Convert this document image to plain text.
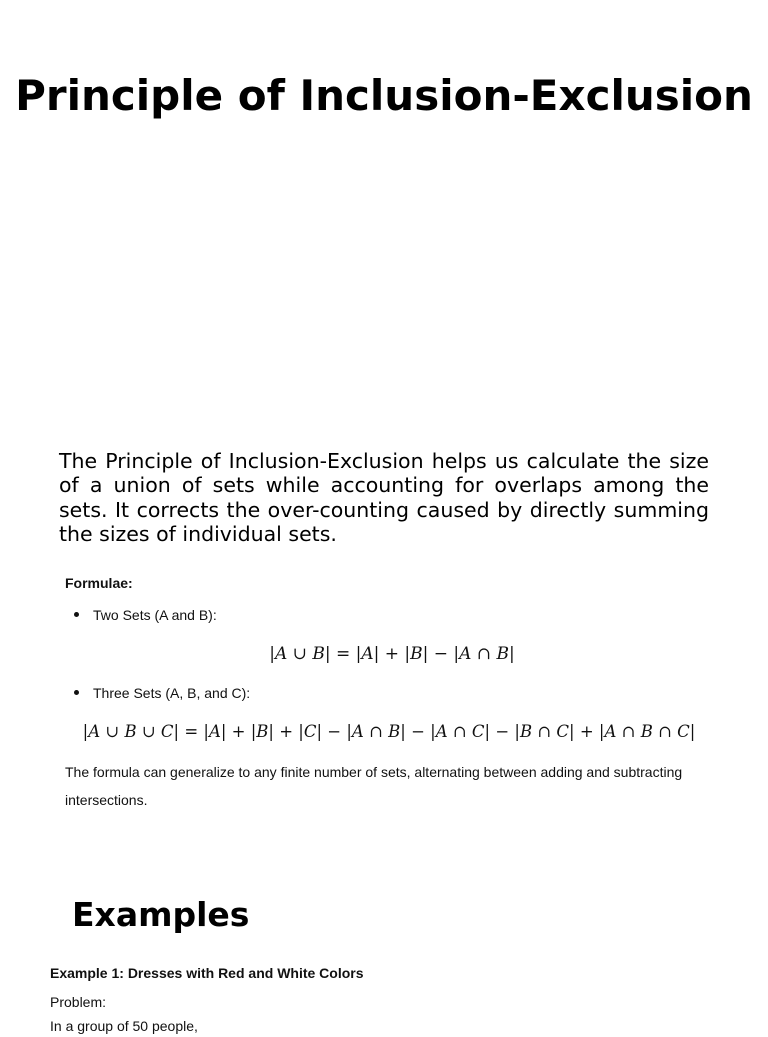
Principle of Inclusion-Exclusion

The Principle of Inclusion-Exclusion helps us calculate the size of a union of sets while accounting for overlaps among the sets. It corrects the over-counting caused by directly summing the sizes of individual sets.

Formulae:

Two Sets (A and B):
|A ∪ B| = |A| + |B| − |A ∩ B|
Three Sets (A, B, and C):
|A ∪ B ∪ C| = |A| + |B| + |C| − |A ∩ B| − |A ∩ C| − |B ∩ C| + |A ∩ B ∩ C|

The formula can generalize to any finite number of sets, alternating between adding and subtracting intersections.

Examples

Example 1: Dresses with Red and White Colors

Problem:

In a group of 50 people,
